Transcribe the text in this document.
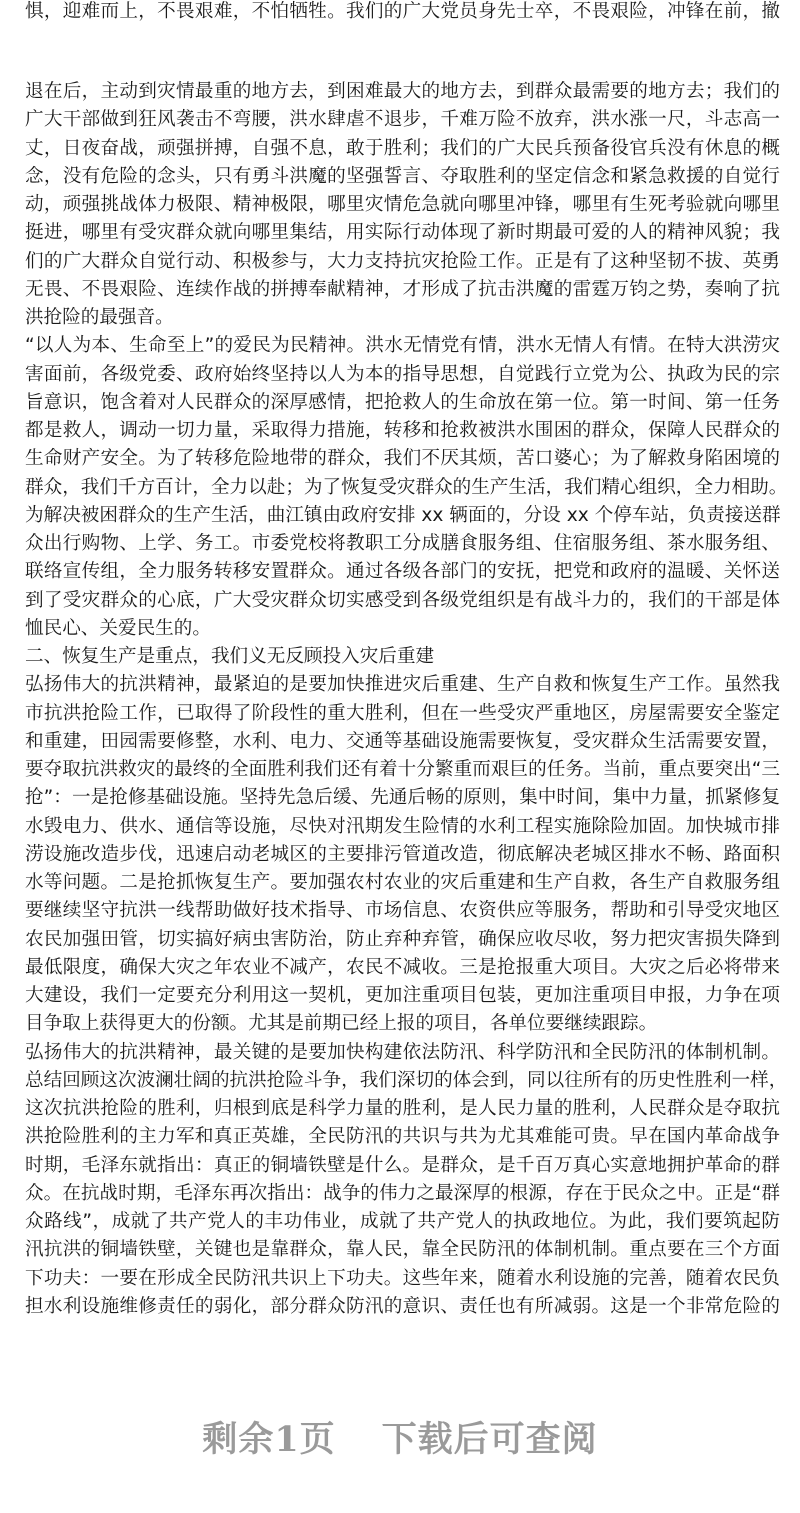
惧，迎难而上，不畏艰难，不怕牺牲。我们的广大党员身先士卒，不畏艰险，冲锋在前，撤
退在后，主动到灾情最重的地方去，到困难最大的地方去，到群众最需要的地方去；我们的
广大干部做到狂风袭击不弯腰，洪水肆虐不退步，千难万险不放弃，洪水涨一尺，斗志高一
丈，日夜奋战，顽强拼搏，自强不息，敢于胜利；我们的广大民兵预备役官兵没有休息的概
念，没有危险的念头，只有勇斗洪魔的坚强誓言、夺取胜利的坚定信念和紧急救援的自觉行
动，顽强挑战体力极限、精神极限，哪里灾情危急就向哪里冲锋，哪里有生死考验就向哪里
挺进，哪里有受灾群众就向哪里集结，用实际行动体现了新时期最可爱的人的精神风貌；我
们的广大群众自觉行动、积极参与，大力支持抗灾抢险工作。正是有了这种坚韧不拔、英勇
无畏、不畏艰险、连续作战的拼搏奉献精神，才形成了抗击洪魔的雷霆万钧之势，奏响了抗
洪抢险的最强音。
“以人为本、生命至上”的爱民为民精神。洪水无情党有情，洪水无情人有情。在特大洪涝灾
害面前，各级党委、政府始终坚持以人为本的指导思想，自觉践行立党为公、执政为民的宗
旨意识，饱含着对人民群众的深厚感情，把抢救人的生命放在第一位。第一时间、第一任务
都是救人，调动一切力量，采取得力措施，转移和抢救被洪水围困的群众，保障人民群众的
生命财产安全。为了转移危险地带的群众，我们不厌其烦，苦口婆心；为了解救身陷困境的
群众，我们千方百计，全力以赴；为了恢复受灾群众的生产生活，我们精心组织，全力相助。
为解决被困群众的生产生活，曲江镇由政府安排 xx 辆面的，分设 xx 个停车站，负责接送群
众出行购物、上学、务工。市委党校将教职工分成膳食服务组、住宿服务组、茶水服务组、
联络宣传组，全力服务转移安置群众。通过各级各部门的安抚，把党和政府的温暖、关怀送
到了受灾群众的心底，广大受灾群众切实感受到各级党组织是有战斗力的，我们的干部是体
恤民心、关爱民生的。
二、恢复生产是重点，我们义无反顾投入灾后重建
弘扬伟大的抗洪精神，最紧迫的是要加快推进灾后重建、生产自救和恢复生产工作。虽然我
市抗洪抢险工作，已取得了阶段性的重大胜利，但在一些受灾严重地区，房屋需要安全鉴定
和重建，田园需要修整，水利、电力、交通等基础设施需要恢复，受灾群众生活需要安置，
要夺取抗洪救灾的最终的全面胜利我们还有着十分繁重而艰巨的任务。当前，重点要突出“三
抢”：一是抢修基础设施。坚持先急后缓、先通后畅的原则，集中时间，集中力量，抓紧修复
水毁电力、供水、通信等设施，尽快对汛期发生险情的水利工程实施除险加固。加快城市排
涝设施改造步伐，迅速启动老城区的主要排污管道改造，彻底解决老城区排水不畅、路面积
水等问题。二是抢抓恢复生产。要加强农村农业的灾后重建和生产自救，各生产自救服务组
要继续坚守抗洪一线帮助做好技术指导、市场信息、农资供应等服务，帮助和引导受灾地区
农民加强田管，切实搞好病虫害防治，防止弃种弃管，确保应收尽收，努力把灾害损失降到
最低限度，确保大灾之年农业不减产，农民不减收。三是抢报重大项目。大灾之后必将带来
大建设，我们一定要充分利用这一契机，更加注重项目包装，更加注重项目申报，力争在项
目争取上获得更大的份额。尤其是前期已经上报的项目，各单位要继续跟踪。
弘扬伟大的抗洪精神，最关键的是要加快构建依法防汛、科学防汛和全民防汛的体制机制。
总结回顾这次波澜壮阔的抗洪抢险斗争，我们深切的体会到，同以往所有的历史性胜利一样，
这次抗洪抢险的胜利，归根到底是科学力量的胜利，是人民力量的胜利，人民群众是夺取抗
洪抢险胜利的主力军和真正英雄，全民防汛的共识与共为尤其难能可贵。早在国内革命战争
时期，毛泽东就指出：真正的铜墙铁壁是什么。是群众，是千百万真心实意地拥护革命的群
众。在抗战时期，毛泽东再次指出：战争的伟力之最深厚的根源，存在于民众之中。正是“群
众路线”，成就了共产党人的丰功伟业，成就了共产党人的执政地位。为此，我们要筑起防
汛抗洪的铜墙铁壁，关键也是靠群众，靠人民，靠全民防汛的体制机制。重点要在三个方面
下功夫：一要在形成全民防汛共识上下功夫。这些年来，随着水利设施的完善，随着农民负
担水利设施维修责任的弱化，部分群众防汛的意识、责任也有所减弱。这是一个非常危险的
剩余1页 下载后可查阅
